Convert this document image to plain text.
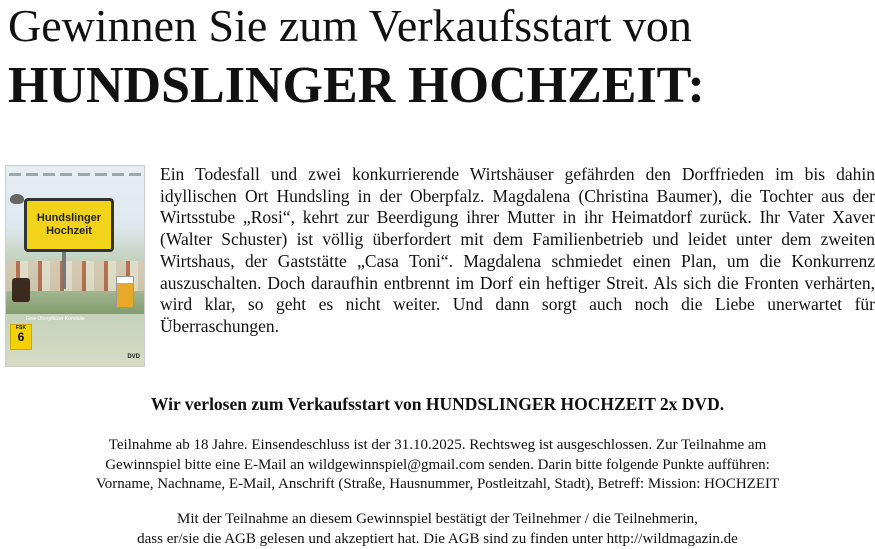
Gewinnen Sie zum Verkaufsstart von
HUNDSLINGER HOCHZEIT:
Hundslinger
Hochzeit
Eine Oberpfälzer Komödie
FSK
6
DVD
Ein Todesfall und zwei konkurrierende Wirtshäuser gefährden den Dorffrieden im bis dahin idyllischen Ort Hundsling in der Oberpfalz. Magdalena (Christina Baumer), die Tochter aus der Wirtsstube „Rosi“, kehrt zur Beerdigung ihrer Mutter in ihr Heimatdorf zurück. Ihr Vater Xaver (Walter Schuster) ist völlig überfordert mit dem Familienbetrieb und leidet unter dem zweiten Wirtshaus, der Gaststätte „Casa Toni“. Magdalena schmiedet einen Plan, um die Konkurrenz auszuschalten. Doch daraufhin entbrennt im Dorf ein heftiger Streit. Als sich die Fronten verhärten, wird klar, so geht es nicht weiter. Und dann sorgt auch noch die Liebe unerwartet für Überraschungen.
Wir verlosen zum Verkaufsstart von HUNDSLINGER HOCHZEIT 2x DVD.
Teilnahme ab 18 Jahre. Einsendeschluss ist der 31.10.2025. Rechtsweg ist ausgeschlossen. Zur Teilnahme am
Gewinnspiel bitte eine E-Mail an wildgewinnspiel@gmail.com senden. Darin bitte folgende Punkte aufführen:
Vorname, Nachname, E-Mail, Anschrift (Straße, Hausnummer, Postleitzahl, Stadt), Betreff: Mission: HOCHZEIT
Mit der Teilnahme an diesem Gewinnspiel bestätigt der Teilnehmer / die Teilnehmerin,
dass er/sie die AGB gelesen und akzeptiert hat. Die AGB sind zu finden unter http://wildmagazin.de
